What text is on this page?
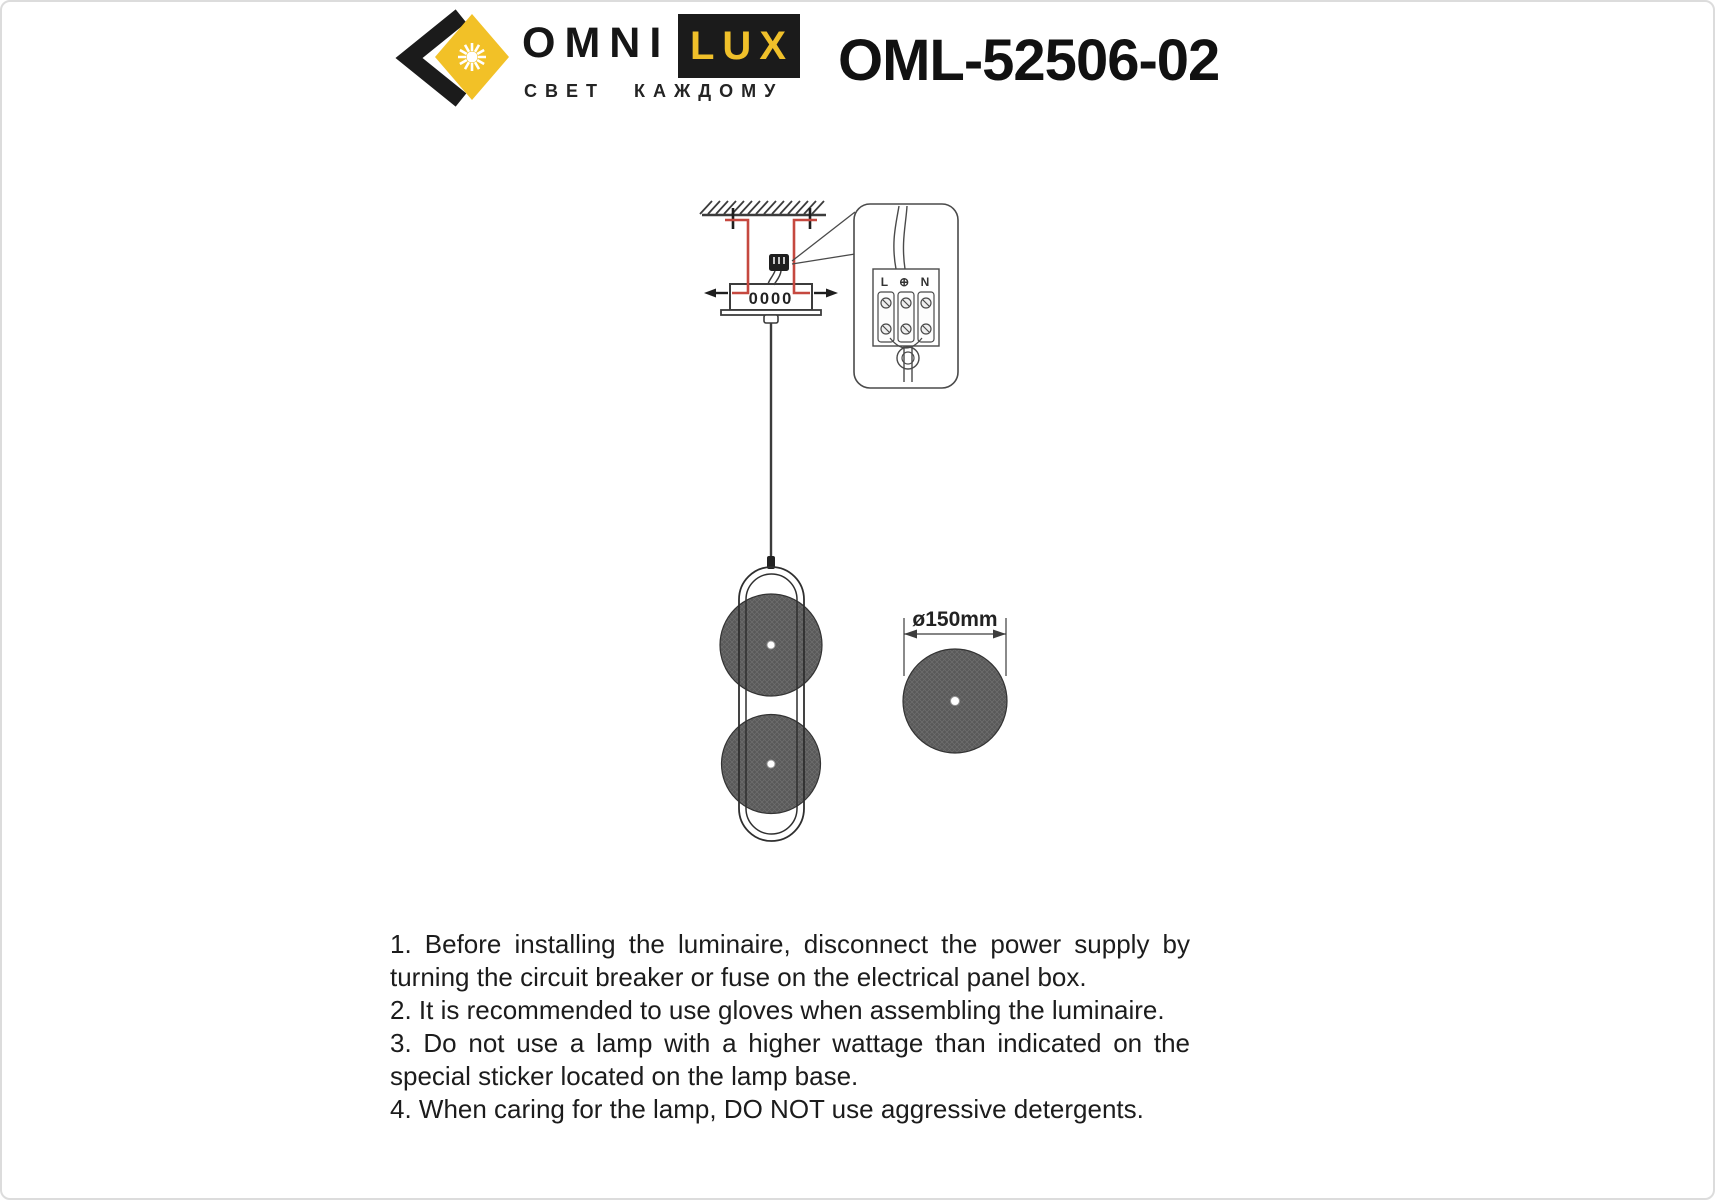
OMNI LUX
СВЕТ КАЖДОМУ OML-52506-02
0000
L ⊕ N
ø150mm

1. Before installing the luminaire, disconnect the power supply by turning the circuit breaker or fuse on the electrical panel box.

2. It is recommended to use gloves when assembling the luminaire.

3. Do not use a lamp with a higher wattage than indicated on the special sticker located on the lamp base.

4. When caring for the lamp, DO NOT use aggressive detergents.
